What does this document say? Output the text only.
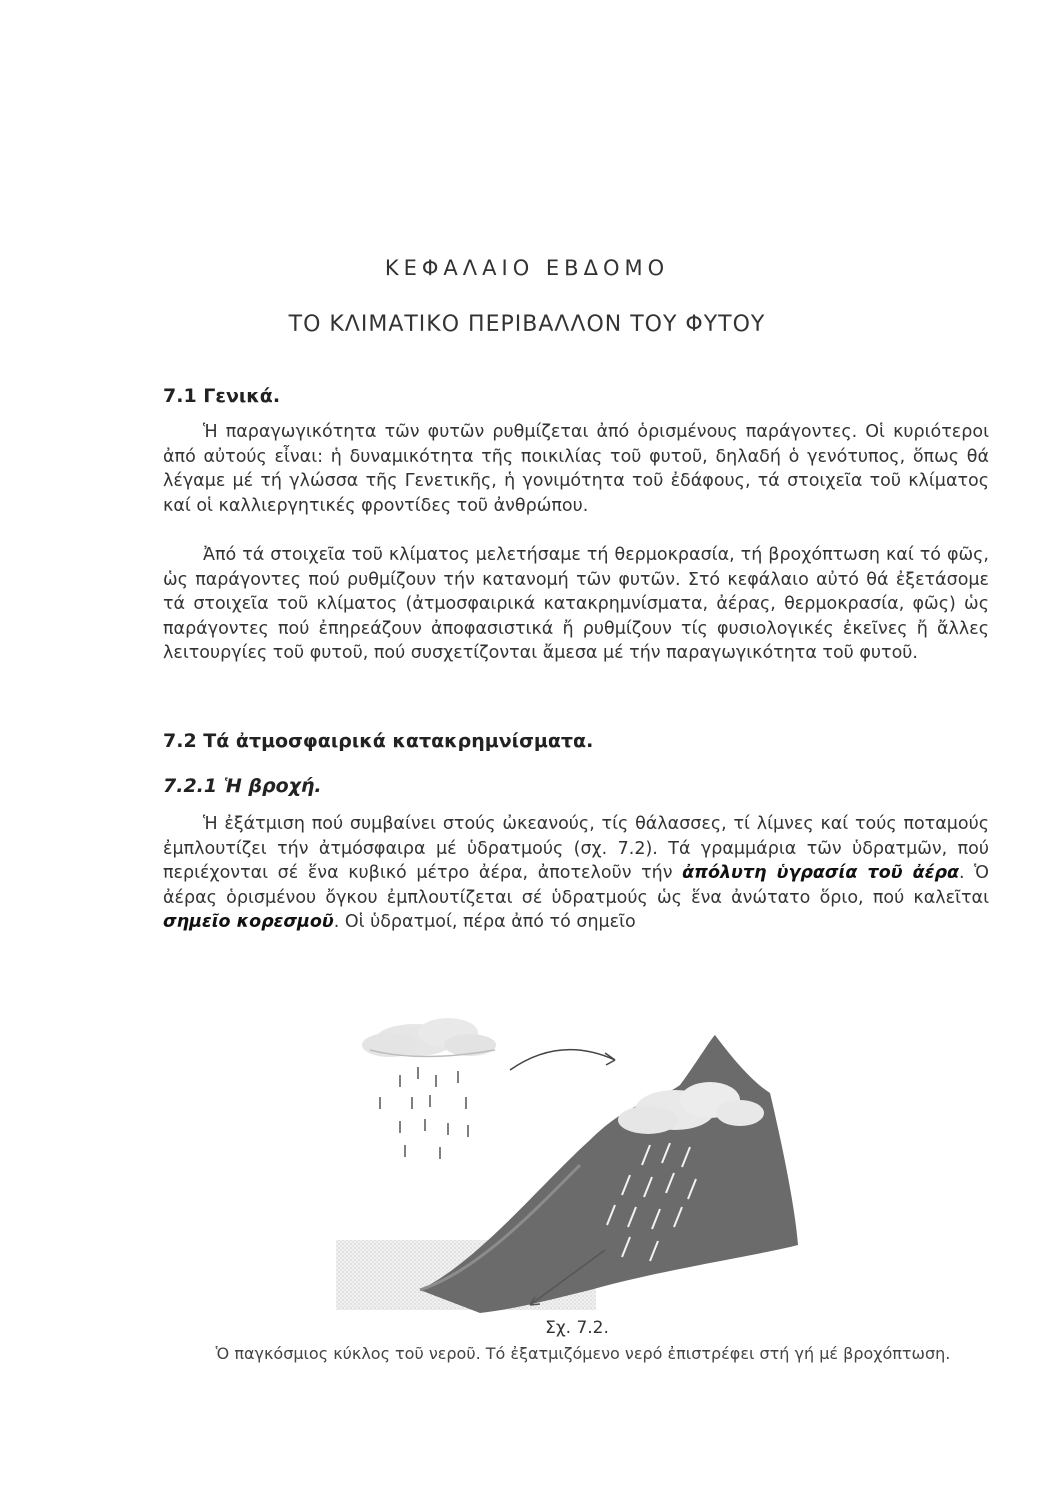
ΚΕΦΑΛΑΙΟ ΕΒΔΟΜΟ
ΤΟ ΚΛΙΜΑΤΙΚΟ ΠΕΡΙΒΑΛΛΟΝ ΤΟΥ ΦΥΤΟΥ
7.1 Γενικά.

Ἡ παραγωγικότητα τῶν φυτῶν ρυθμίζεται ἀπό ὁρισμένους παράγοντες. Οἱ κυριότεροι ἀπό αὐτούς εἶναι: ἡ δυναμικότητα τῆς ποικιλίας τοῦ φυτοῦ, δηλαδή ὁ γενότυπος, ὅπως θά λέγαμε μέ τή γλώσσα τῆς Γενετικῆς, ἡ γονιμότητα τοῦ ἐδάφους, τά στοιχεῖα τοῦ κλίματος καί οἱ καλλιεργητικές φροντίδες τοῦ ἀνθρώπου.

Ἀπό τά στοιχεῖα τοῦ κλίματος μελετήσαμε τή θερμοκρασία, τή βροχόπτωση καί τό φῶς, ὡς παράγοντες πού ρυθμίζουν τήν κατανομή τῶν φυτῶν. Στό κεφάλαιο αὐτό θά ἐξετάσομε τά στοιχεῖα τοῦ κλίματος (ἀτμοσφαιρικά κατακρημνίσματα, ἀέρας, θερμοκρασία, φῶς) ὡς παράγοντες πού ἐπηρεάζουν ἀποφασιστικά ἤ ρυθμίζουν τίς φυσιολογικές ἐκεῖνες ἤ ἄλλες λειτουργίες τοῦ φυτοῦ, πού συσχετίζονται ἄμεσα μέ τήν παραγωγικότητα τοῦ φυτοῦ.

7.2 Τά ἀτμοσφαιρικά κατακρημνίσματα.
7.2.1 Ἡ βροχή.

Ἡ ἐξάτμιση πού συμβαίνει στούς ὠκεανούς, τίς θάλασσες, τί λίμνες καί τούς ποταμούς ἐμπλουτίζει τήν ἀτμόσφαιρα μέ ὑδρατμούς (σχ. 7.2). Τά γραμμάρια τῶν ὑδρατμῶν, πού περιέχονται σέ ἕνα κυβικό μέτρο ἀέρα, ἀποτελοῦν τήν ἀπόλυτη ὑγρασία τοῦ ἀέρα. Ὁ ἀέρας ὁρισμένου ὄγκου ἐμπλουτίζεται σέ ὑδρατμούς ὡς ἕνα ἀνώτατο ὅριο, πού καλεῖται σημεῖο κορεσμοῦ. Οἱ ὑδρατμοί, πέρα ἀπό τό σημεῖο

Σχ. 7.2.
Ὁ παγκόσμιος κύκλος τοῦ νεροῦ. Τό ἐξατμιζόμενο νερό ἐπιστρέφει στή γή μέ βροχόπτωση.
